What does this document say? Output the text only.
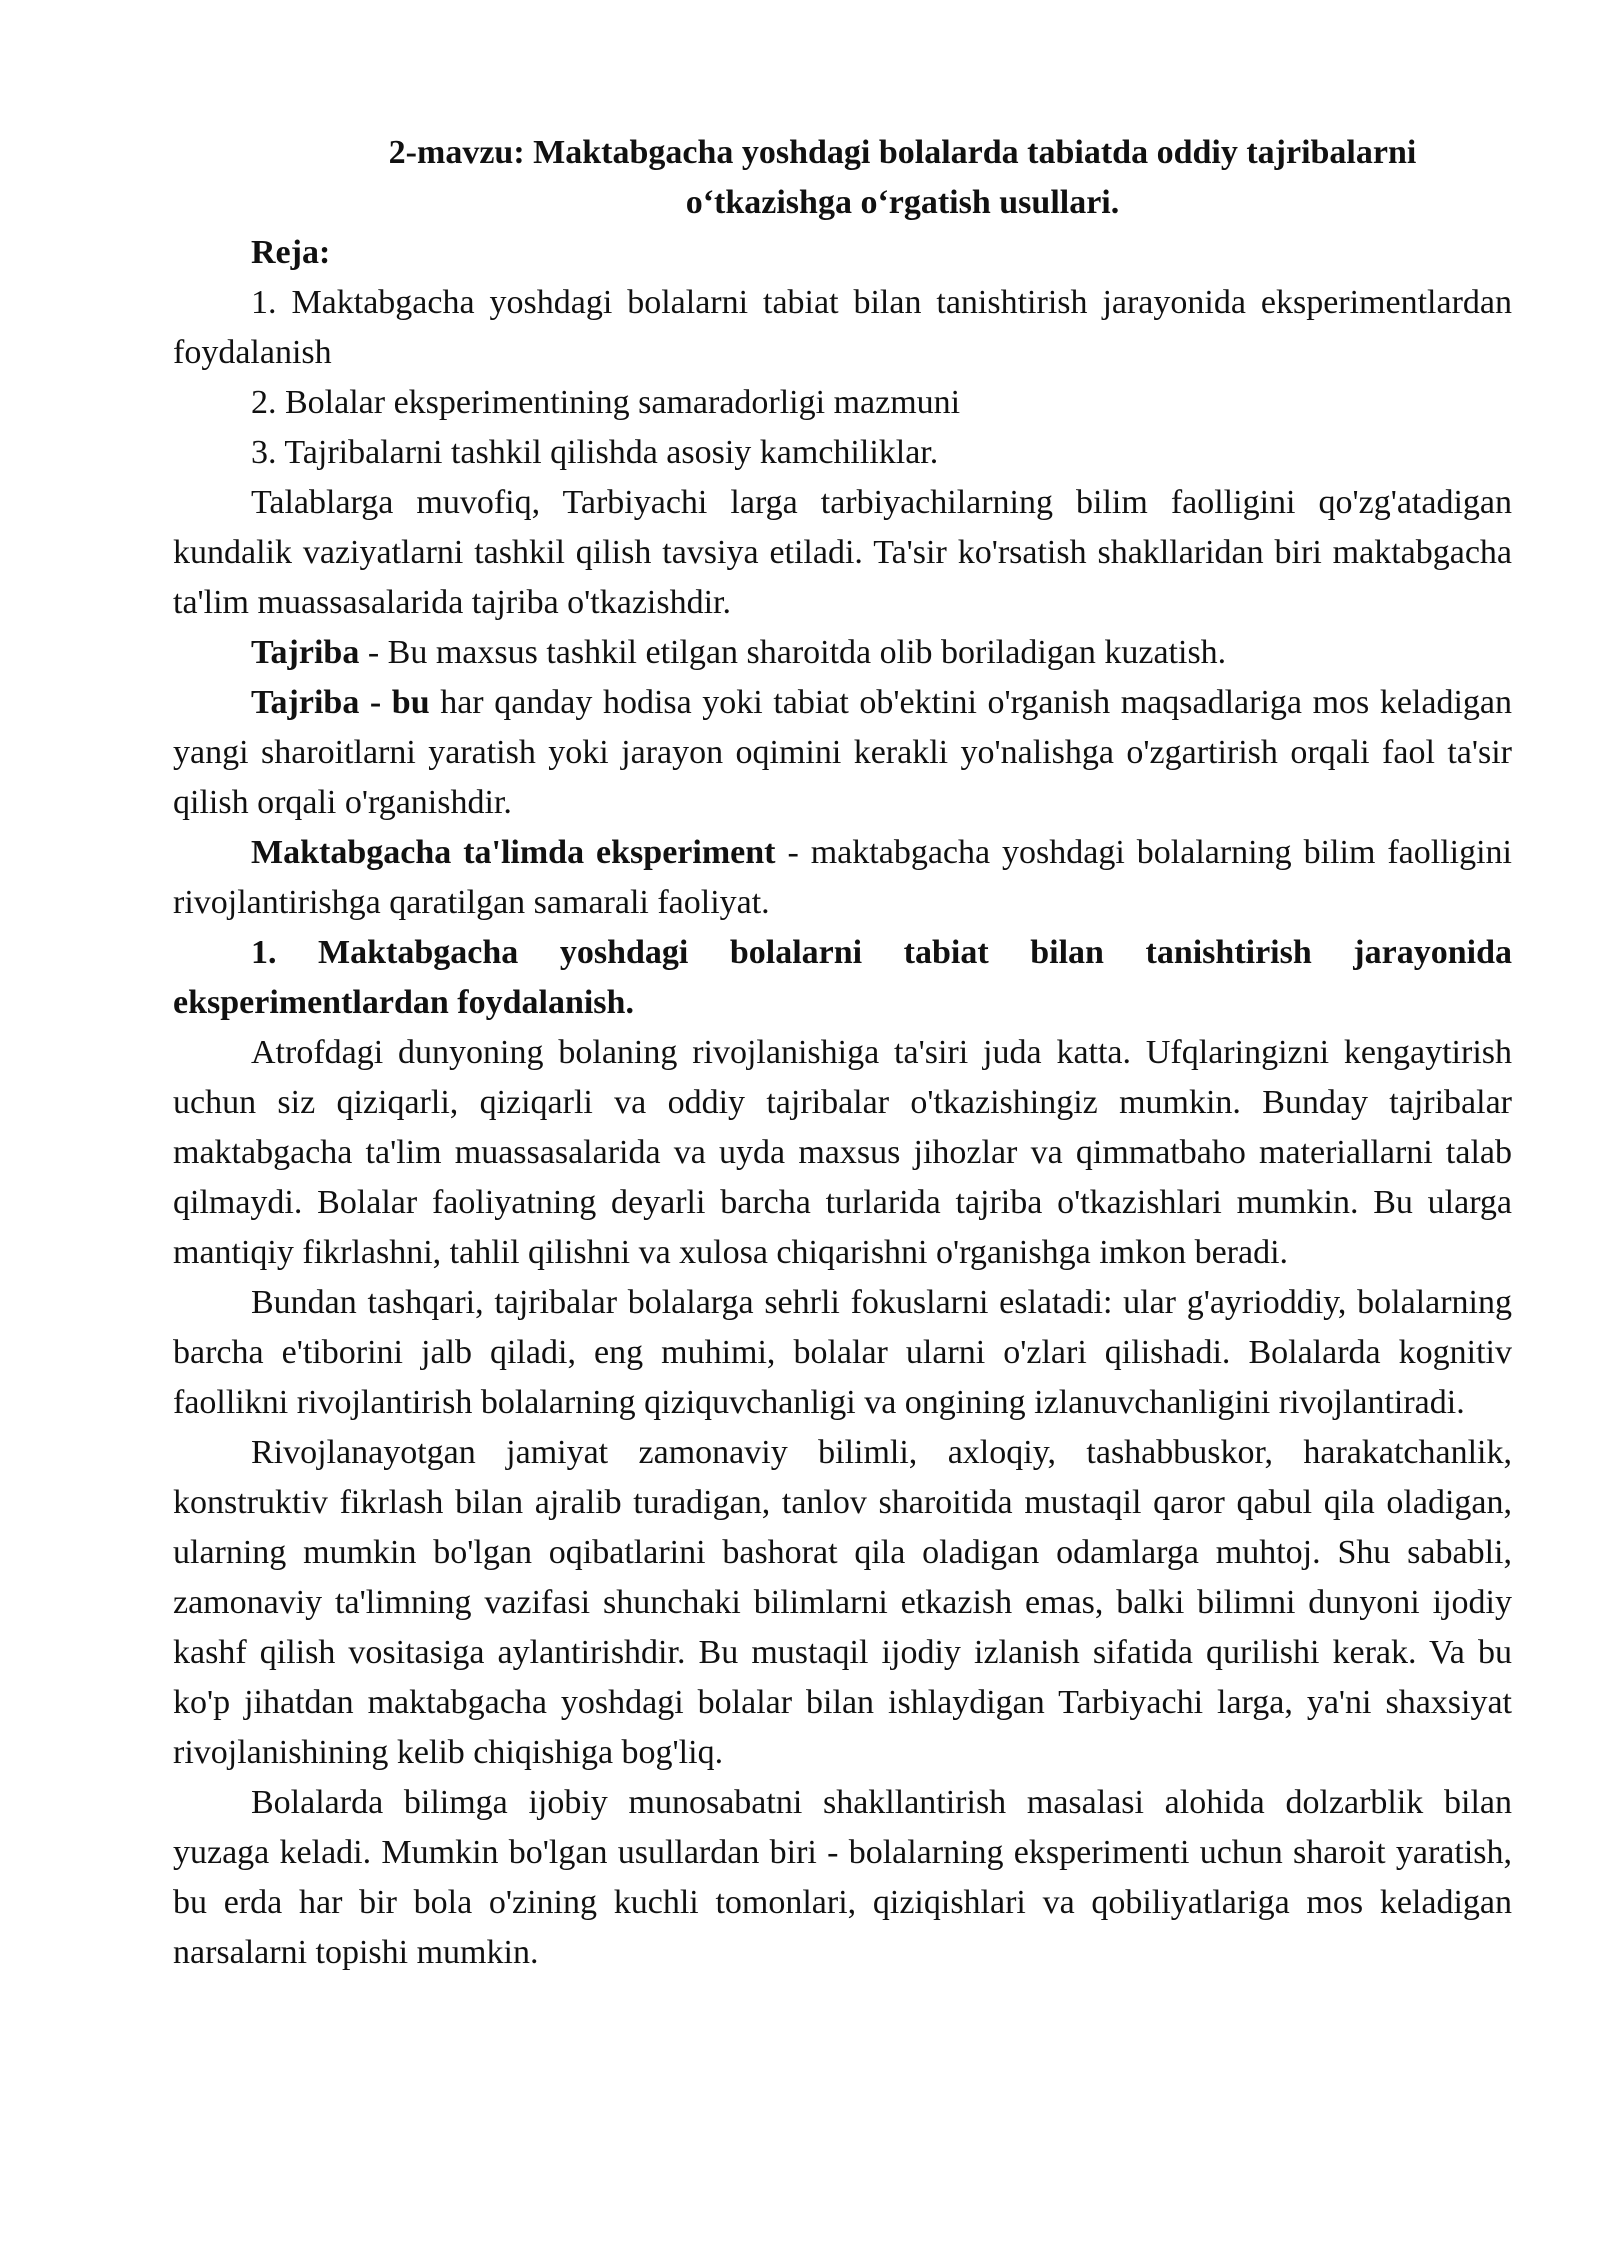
2-mavzu: Maktabgacha yoshdagi bolalarda tabiatda oddiy tajribalarni
o‘tkazishga o‘rgatish usullari.

Reja:

1. Maktabgacha yoshdagi bolalarni tabiat bilan tanishtirish jarayonida eksperimentlardan foydalanish

2. Bolalar eksperimentining samaradorligi mazmuni

3. Tajribalarni tashkil qilishda asosiy kamchiliklar.

Talablarga muvofiq, Tarbiyachi larga tarbiyachilarning bilim faolligini qo'zg'atadigan kundalik vaziyatlarni tashkil qilish tavsiya etiladi. Ta'sir ko'rsatish shakllaridan biri maktabgacha ta'lim muassasalarida tajriba o'tkazishdir.

Tajriba - Bu maxsus tashkil etilgan sharoitda olib boriladigan kuzatish.

Tajriba - bu har qanday hodisa yoki tabiat ob'ektini o'rganish maqsadlariga mos keladigan yangi sharoitlarni yaratish yoki jarayon oqimini kerakli yo'nalishga o'zgartirish orqali faol ta'sir qilish orqali o'rganishdir.

Maktabgacha ta'limda eksperiment - maktabgacha yoshdagi bolalarning bilim faolligini rivojlantirishga qaratilgan samarali faoliyat.

1. Maktabgacha yoshdagi bolalarni tabiat bilan tanishtirish jarayonida eksperimentlardan foydalanish.

Atrofdagi dunyoning bolaning rivojlanishiga ta'siri juda katta. Ufqlaringizni kengaytirish uchun siz qiziqarli, qiziqarli va oddiy tajribalar o'tkazishingiz mumkin. Bunday tajribalar maktabgacha ta'lim muassasalarida va uyda maxsus jihozlar va qimmatbaho materiallarni talab qilmaydi. Bolalar faoliyatning deyarli barcha turlarida tajriba o'tkazishlari mumkin. Bu ularga mantiqiy fikrlashni, tahlil qilishni va xulosa chiqarishni o'rganishga imkon beradi.

Bundan tashqari, tajribalar bolalarga sehrli fokuslarni eslatadi: ular g'ayrioddiy, bolalarning barcha e'tiborini jalb qiladi, eng muhimi, bolalar ularni o'zlari qilishadi. Bolalarda kognitiv faollikni rivojlantirish bolalarning qiziquvchanligi va ongining izlanuvchanligini rivojlantiradi.

Rivojlanayotgan jamiyat zamonaviy bilimli, axloqiy, tashabbuskor, harakatchanlik, konstruktiv fikrlash bilan ajralib turadigan, tanlov sharoitida mustaqil qaror qabul qila oladigan, ularning mumkin bo'lgan oqibatlarini bashorat qila oladigan odamlarga muhtoj. Shu sababli, zamonaviy ta'limning vazifasi shunchaki bilimlarni etkazish emas, balki bilimni dunyoni ijodiy kashf qilish vositasiga aylantirishdir. Bu mustaqil ijodiy izlanish sifatida qurilishi kerak. Va bu ko'p jihatdan maktabgacha yoshdagi bolalar bilan ishlaydigan Tarbiyachi larga, ya'ni shaxsiyat rivojlanishining kelib chiqishiga bog'liq.

Bolalarda bilimga ijobiy munosabatni shakllantirish masalasi alohida dolzarblik bilan yuzaga keladi. Mumkin bo'lgan usullardan biri - bolalarning eksperimenti uchun sharoit yaratish, bu erda har bir bola o'zining kuchli tomonlari, qiziqishlari va qobiliyatlariga mos keladigan narsalarni topishi mumkin.
